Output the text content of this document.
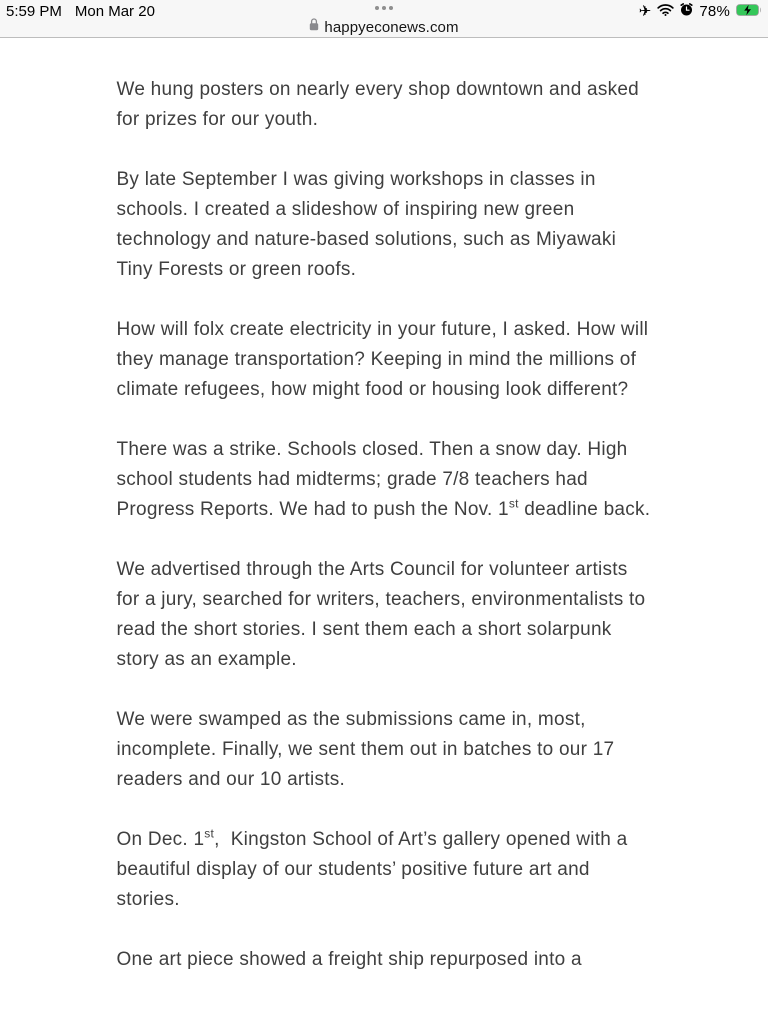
5:59 PM Mon Mar 20	✈	78%
happyeconews.com

We hung posters on nearly every shop downtown and asked for prizes for our youth.

By late September I was giving workshops in classes in schools. I created a slideshow of inspiring new green technology and nature-based solutions, such as Miyawaki Tiny Forests or green roofs.

How will folx create electricity in your future, I asked. How will they manage transportation? Keeping in mind the millions of climate refugees, how might food or housing look different?

There was a strike. Schools closed. Then a snow day. High school students had midterms; grade 7/8 teachers had Progress Reports. We had to push the Nov. 1st deadline back.

We advertised through the Arts Council for volunteer artists for a jury, searched for writers, teachers, environmentalists to read the short stories. I sent them each a short solarpunk story as an example.

We were swamped as the submissions came in, most, incomplete. Finally, we sent them out in batches to our 17 readers and our 10 artists.

On Dec. 1st,  Kingston School of Art’s gallery opened with a beautiful display of our students’ positive future art and stories.

One art piece showed a freight ship repurposed into a
